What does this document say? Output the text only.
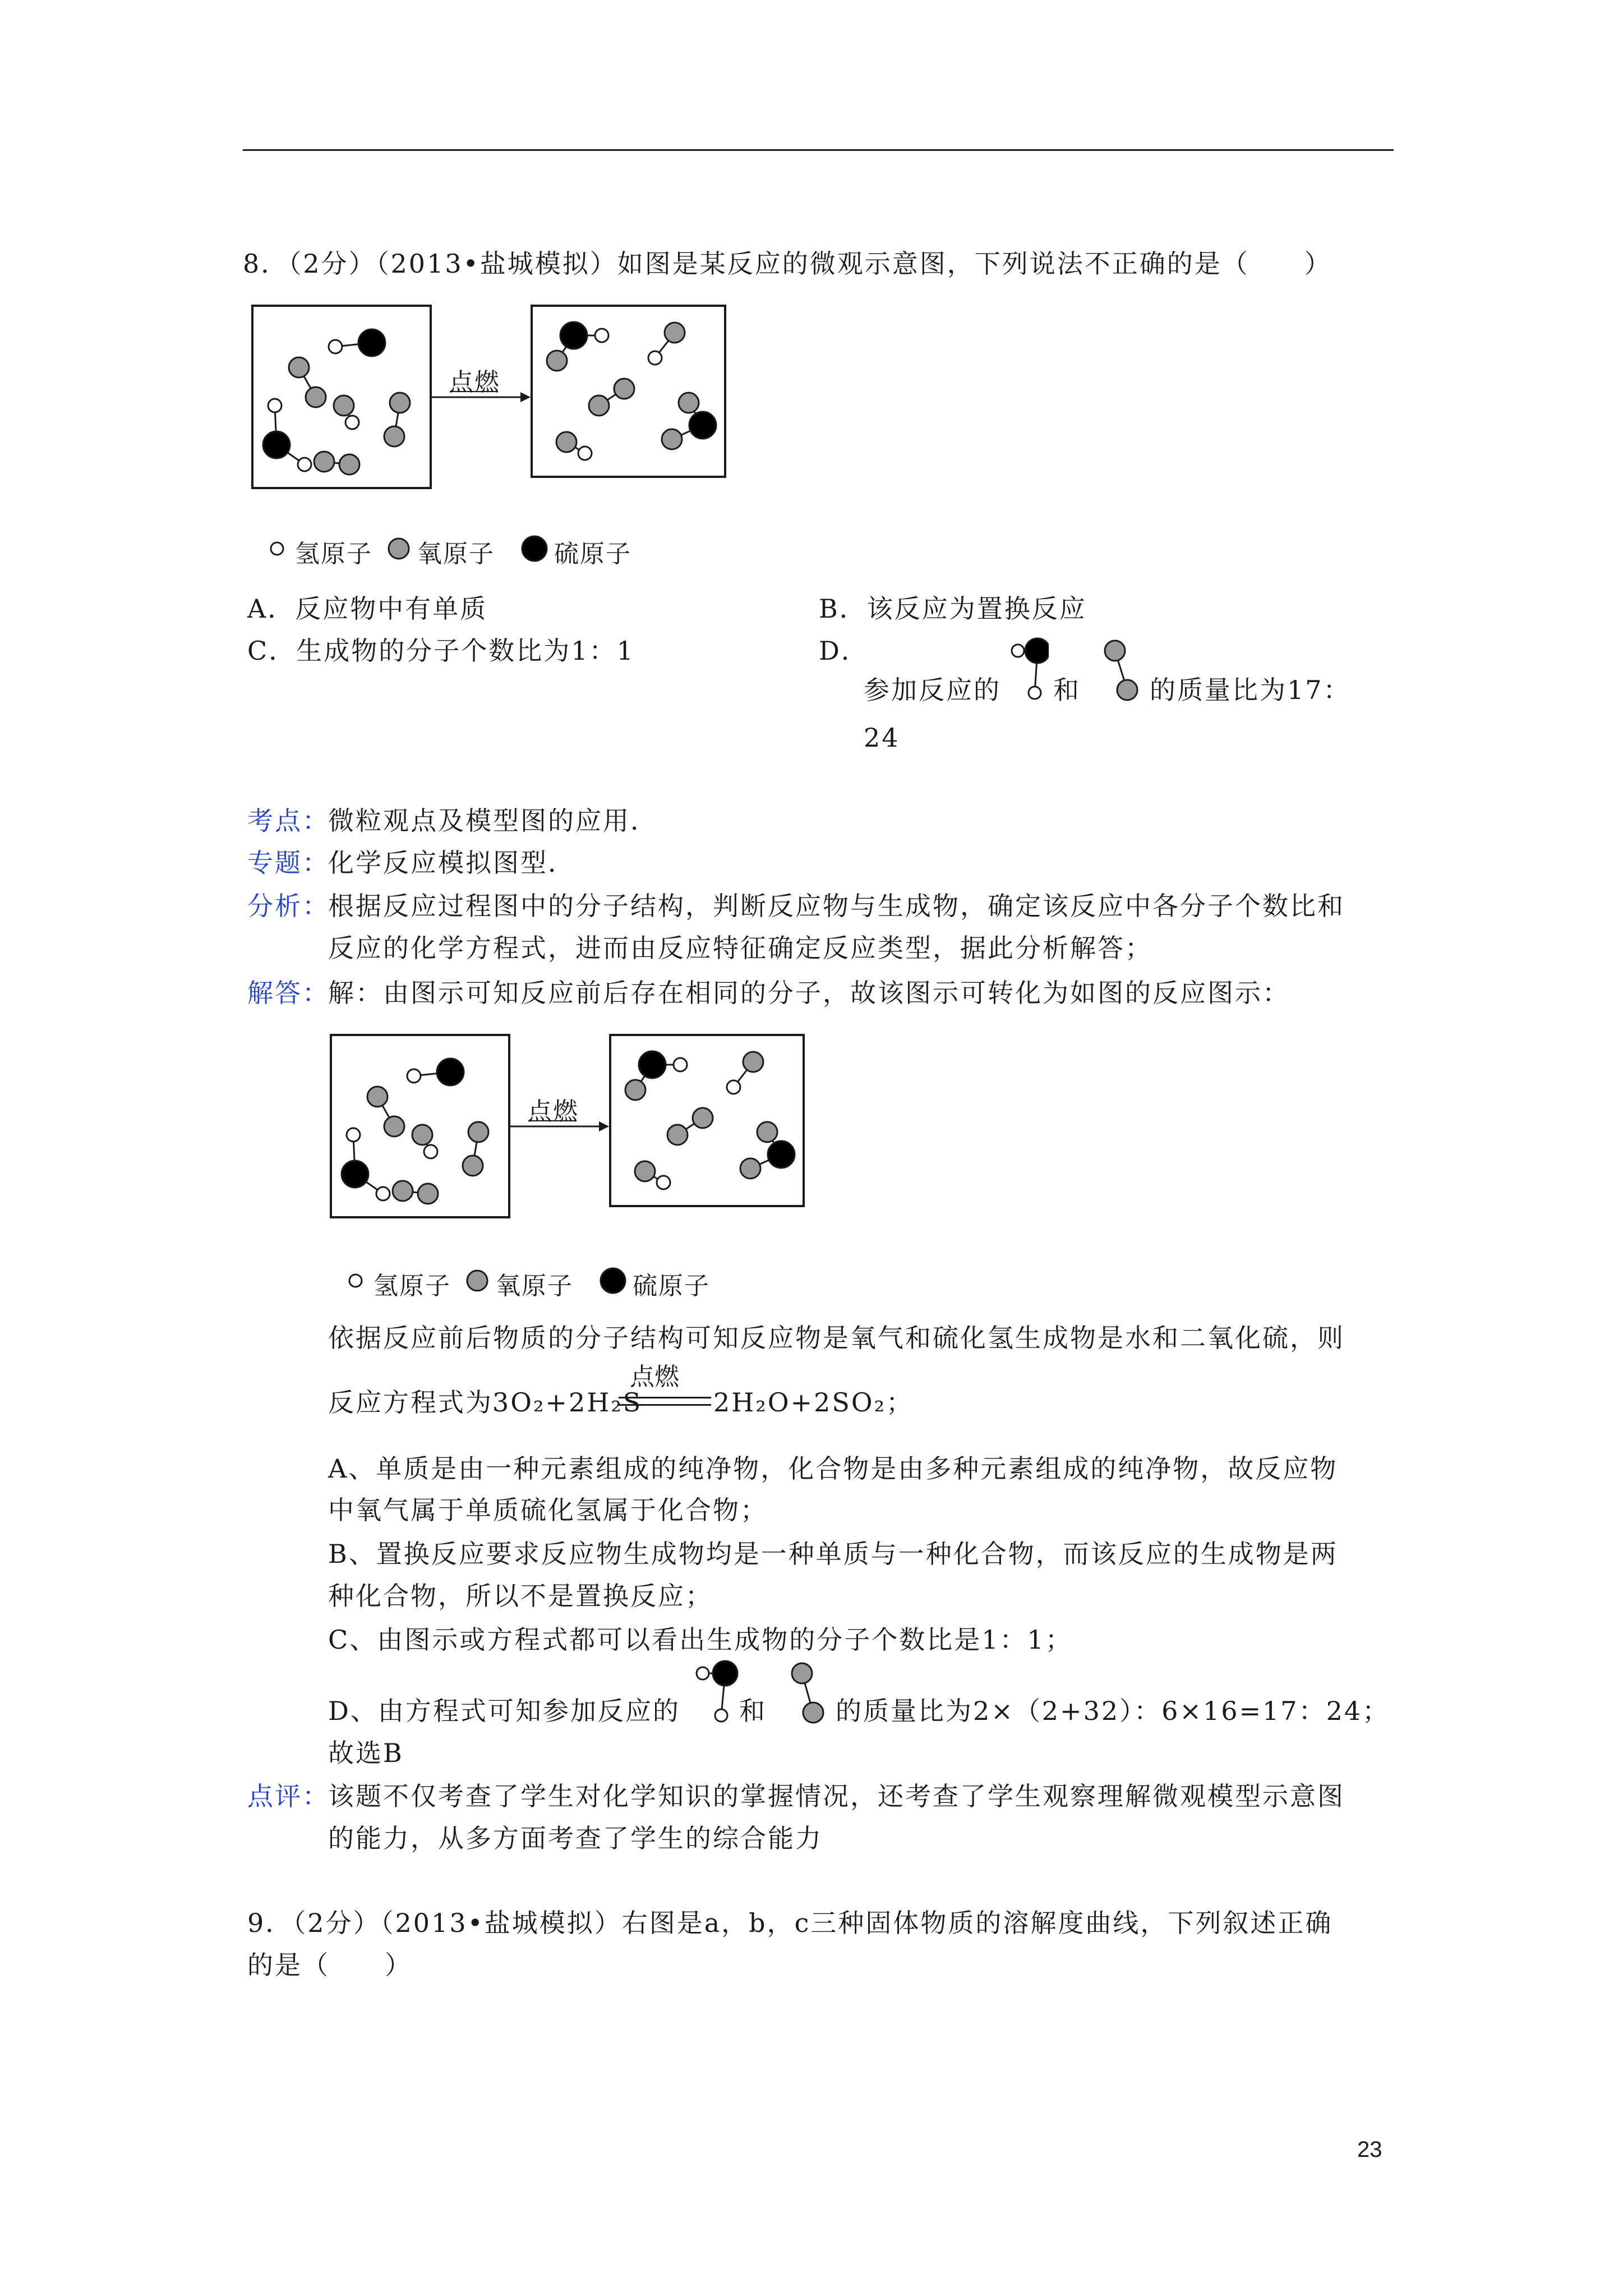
8．（2分）（2013•盐城模拟）如图是某反应的微观示意图，下列说法不正确的是（　　）
点燃
氢原子 氧原子 硫原子
A．反应物中有单质	B．该反应为置换反应
C．生成物的分子个数比为1：1	D．
参加反应的 和	的质量比为17：
24
考点：
微粒观点及模型图的应用．
专题：
化学反应模拟图型．
分析：
根据反应过程图中的分子结构，判断反应物与生成物，确定该反应中各分子个数比和
反应的化学方程式，进而由反应特征确定反应类型，据此分析解答；
解答：
解：由图示可知反应前后存在相同的分子，故该图示可转化为如图的反应图示：
点燃
氢原子 氧原子 硫原子
依据反应前后物质的分子结构可知反应物是氧气和硫化氢生成物是水和二氧化硫，则
反应方程式为 3O₂+2H₂S
点燃
2H₂O+2SO₂；
A、单质是由一种元素组成的纯净物，化合物是由多种元素组成的纯净物，故反应物
中氧气属于单质硫化氢属于化合物；
B、置换反应要求反应物生成物均是一种单质与一种化合物，而该反应的生成物是两
种化合物，所以不是置换反应；
C、由图示或方程式都可以看出生成物的分子个数比是1：1；
D、由方程式可知参加反应的 和	的质量比为2×（2+32）：6×16=17：24；
故选B
点评：
该题不仅考查了学生对化学知识的掌握情况，还考查了学生观察理解微观模型示意图
的能力，从多方面考查了学生的综合能力
9．（2分）（2013•盐城模拟）右图是a，b，c三种固体物质的溶解度曲线，下列叙述正确
的是（　　）
23
